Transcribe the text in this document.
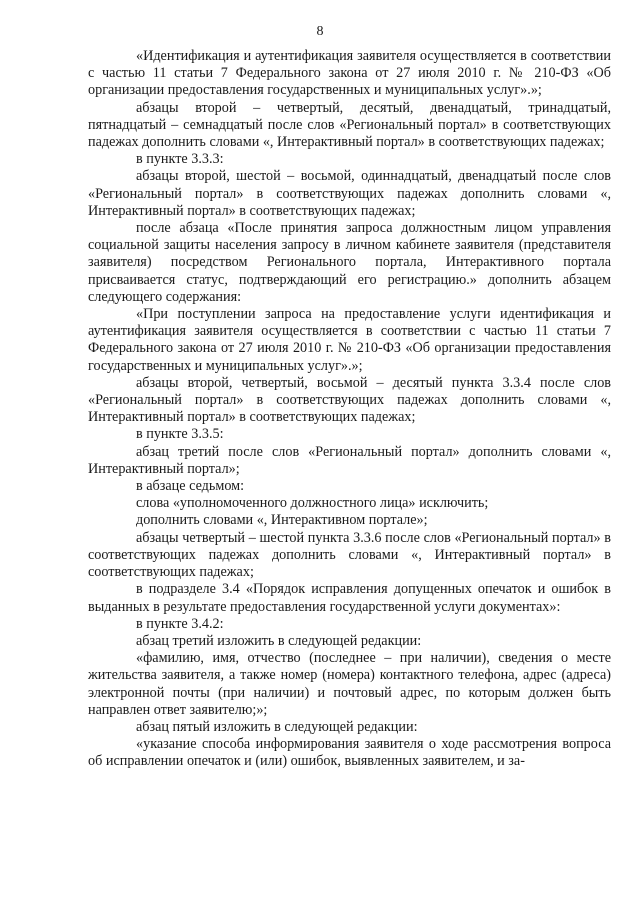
8

«Идентификация и аутентификация заявителя осуществляется в соответствии с частью 11 статьи 7 Федерального закона от 27 июля 2010 г. № 210-ФЗ «Об организации предоставления государственных и муниципальных услуг».»;

абзацы второй – четвертый, десятый, двенадцатый, тринадцатый, пятнадцатый – семнадцатый после слов «Региональный портал» в соответствующих падежах дополнить словами «, Интерактивный портал» в соответствующих падежах;

в пункте 3.3.3:

абзацы второй, шестой – восьмой, одиннадцатый, двенадцатый после слов «Региональный портал» в соответствующих падежах дополнить словами «, Интерактивный портал» в соответствующих падежах;

после абзаца «После принятия запроса должностным лицом управления социальной защиты населения запросу в личном кабинете заявителя (представителя заявителя) посредством Регионального портала, Интерактивного портала присваивается статус, подтверждающий его регистрацию.» дополнить абзацем следующего содержания:

«При поступлении запроса на предоставление услуги идентификация и аутентификация заявителя осуществляется в соответствии с частью 11 статьи 7 Федерального закона от 27 июля 2010 г. № 210-ФЗ «Об организации предоставления государственных и муниципальных услуг».»;

абзацы второй, четвертый, восьмой – десятый пункта 3.3.4 после слов «Региональный портал» в соответствующих падежах дополнить словами «, Интерактивный портал» в соответствующих падежах;

в пункте 3.3.5:

абзац третий после слов «Региональный портал» дополнить словами «, Интерактивный портал»;

в абзаце седьмом:

слова «уполномоченного должностного лица» исключить;

дополнить словами «, Интерактивном портале»;

абзацы четвертый – шестой пункта 3.3.6 после слов «Региональный портал» в соответствующих падежах дополнить словами «, Интерактивный портал» в соответствующих падежах;

в подразделе 3.4 «Порядок исправления допущенных опечаток и ошибок в выданных в результате предоставления государственной услуги документах»:

в пункте 3.4.2:

абзац третий изложить в следующей редакции:

«фамилию, имя, отчество (последнее – при наличии), сведения о месте жительства заявителя, а также номер (номера) контактного телефона, адрес (адреса) электронной почты (при наличии) и почтовый адрес, по которым должен быть направлен ответ заявителю;»;

абзац пятый изложить в следующей редакции:

«указание способа информирования заявителя о ходе рассмотрения вопроса об исправлении опечаток и (или) ошибок, выявленных заявителем, и за-
